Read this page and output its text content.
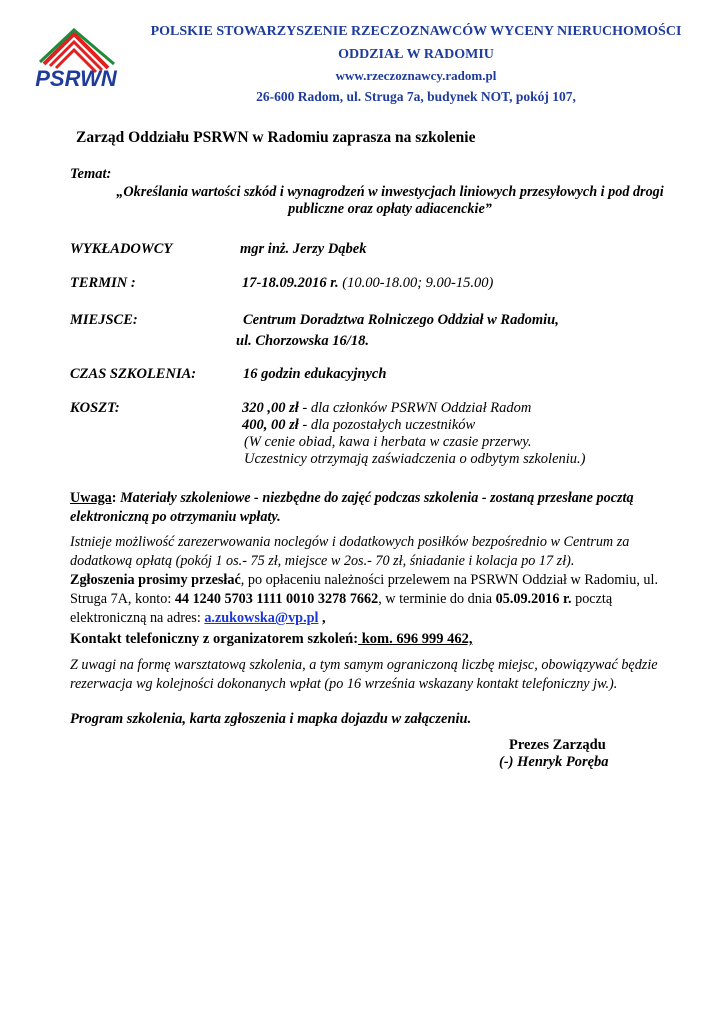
PSRWN
POLSKIE STOWARZYSZENIE RZECZOZNAWCÓW WYCENY NIERUCHOMOŚCI
ODDZIAŁ W RADOMIU
www.rzeczoznawcy.radom.pl
26-600 Radom, ul. Struga 7a, budynek NOT, pokój 107,
Zarząd Oddziału PSRWN w Radomiu zaprasza na szkolenie
Temat:
„Określania wartości szkód i wynagrodzeń w inwestycjach liniowych przesyłowych i pod drogi
publiczne oraz opłaty adiacenckie”
WYKŁADOWCY	mgr inż. Jerzy Dąbek
TERMIN :	17-18.09.2016 r. (10.00-18.00; 9.00-15.00)
MIEJSCE:	Centrum Doradztwa Rolniczego Oddział w Radomiu,
ul. Chorzowska 16/18.
CZAS SZKOLENIA:	16 godzin edukacyjnych
KOSZT:	320 ,00 zł - dla członków PSRWN Oddział Radom
400, 00 zł - dla pozostałych uczestników
(W cenie obiad, kawa i herbata w czasie przerwy.
Uczestnicy otrzymają zaświadczenia o odbytym szkoleniu.)
Uwaga: Materiały szkoleniowe - niezbędne do zajęć podczas szkolenia - zostaną przesłane pocztą elektroniczną po otrzymaniu wpłaty.
Istnieje możliwość zarezerwowania noclegów i dodatkowych posiłków bezpośrednio w Centrum za dodatkową opłatą (pokój 1 os.- 75 zł, miejsce w 2os.- 70 zł, śniadanie i kolacja po 17 zł).
Zgłoszenia prosimy przesłać, po opłaceniu należności przelewem na PSRWN Oddział w Radomiu, ul. Struga 7A, konto: 44 1240 5703 1111 0010 3278 7662, w terminie do dnia 05.09.2016 r. pocztą elektroniczną na adres: a.zukowska@vp.pl ,
Kontakt telefoniczny z organizatorem szkoleń: kom. 696 999 462,
Z uwagi na formę warsztatową szkolenia, a tym samym ograniczoną liczbę miejsc, obowiązywać będzie rezerwacja wg kolejności dokonanych wpłat (po 16 września wskazany kontakt telefoniczny jw.).
Program szkolenia, karta zgłoszenia i mapka dojazdu w załączeniu.
Prezes Zarządu
(-) Henryk Poręba
